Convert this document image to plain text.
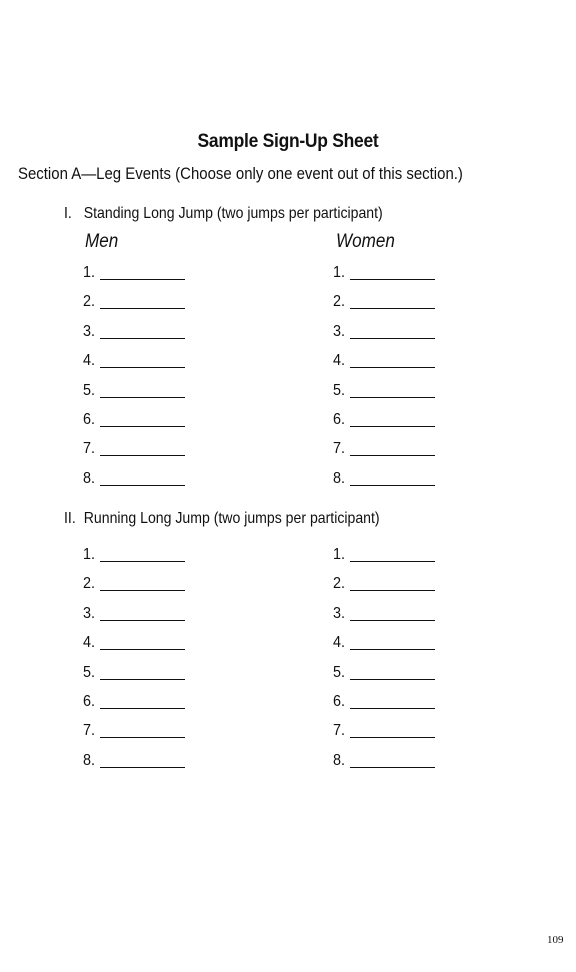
Sample Sign-Up Sheet
Section A—Leg Events (Choose only one event out of this section.)
I. Standing Long Jump (two jumps per participant)
Men	Women
1.
2.
3.
4.
5.
6.
7.
8.
1.
2.
3.
4.
5.
6.
7.
8.
II. Running Long Jump (two jumps per participant)
1.
2.
3.
4.
5.
6.
7.
8.
1.
2.
3.
4.
5.
6.
7.
8.
109
